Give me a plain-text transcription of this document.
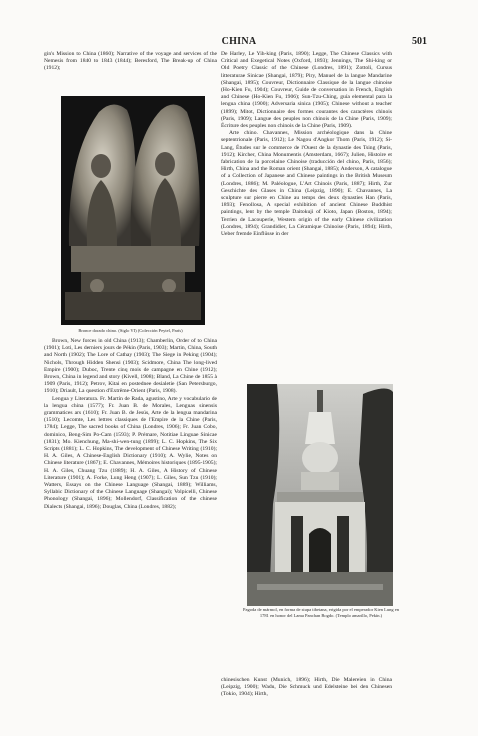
CHINA	501

gin's Mission to China (1860); Narrative of the voyage and services of the Nemesis from 1840 to 1843 (1844); Beresford, The Break-up of China (1912);

Bronce dorado chino. (Siglo VI) (Colección Peytel, París)

Brown, New forces in old China (1913); Chamberlin, Order of to China (1901); Loti, Les derniers jours de Pékin (Paris, 1903); Martin, China, South and North (1902); The Lore of Cathay (1903); The Siege in Peking (1904); Nichols, Through Hidden Shensi (1903); Scidmore, China The long-lived Empire (1900); Duboc, Trente cinq mois de campagne en Chine (1912); Brown, China in legend and story (Kivell, 1908); Bland, La Chine de 1855 à 1909 (Paris, 1912); Petrov, Kitai en postednee desialetie (San Petersburgo, 1910); Driault, La question d'Extrême-Orient (Paris, 1908).

Lengua y Literatura. Fr. Martín de Rada, agustino, Arte y vocabulario de la lengua china (1577); Fr. Juan B. de Morales, Lenguas sinensis grammatices ars (1610); Fr. Juan B. de Jesús, Arte de la lengua mandarina (1510); Lecomte, Les lettres classiques de l'Empire de la Chine (Paris, 1784); Legge, The sacred books of China (Londres, 1906); Fr. Juan Cobo, dominico, Beng-Sim Po-Cam (1593); P. Prémare, Notitiae Linguae Sinicae (1831); Mo. Kienchung, Ma-shi-wen-tung (1899); L. C. Hopkins, The Six Scripts (1881); L. C. Hopkins, The development of Chinese Writing (1910); H. A. Giles, A Chinese-English Dictionary (1910); A. Wylie, Notes on Chinese literature (1867); E. Chavannes, Mémoires historiques (1895-1905); H. A. Giles, Chuang Tzu (1889); H. A. Giles, A History of Chinese Literature (1901); A. Forke, Lung Heng (1907); L. Giles, Sun Tzu (1910); Watters, Essays on the Chinese Language (Shangai, 1889); Williams, Syllabic Dictionary of the Chinese Language (Shangai); Volpicelli, Chinese Phonology (Shangai, 1896); Mollendorf, Classification of the chinese Dialects (Shangai, 1896); Douglas, China (Londres, 1882);

De Harley, Le Yih-king (Paris, 1890); Legge, The Chinese Classics with Critical and Exegetical Notes (Oxford, 1893); Jennings, The Shi-king or Old Poetry Classic of the Chinese (Londres, 1891); Zottoli, Cursus litteraturae Sinicae (Shangai, 1879); Piry, Manuel de la langue Mandarine (Shangai, 1895); Couvreur, Dictionnaire Classique de la langue chinoise (Ho-Kien Fu, 1904); Couvreur, Guide de conversation in French, English and Chinese (Ho-Kien Fu, 1906); Sun-Tzu-Ching, guía elemental para la lengua china (1900); Adversaria sinica (1905); Chinese without a teacher (1899); Mitot, Dictionnaire des formes courantes des caractères chinois (Paris, 1909); Langue des peuples non chinois de la Chine (Paris, 1909); Écriture des peuples non chinois de la Chine (Paris, 1909).

Arte chino. Chavannes, Mission archéologique dans la Chine septentrionale (Paris, 1912); Le Nagou d'Angkor Thom (Paris, 1912); Si-Lang, Études sur le commerce de l'Ouest de la dynastie des Tsing (Paris, 1912); Kircher, China Monumentis (Amsterdam, 1667); Julien, Histoire et fabrication de la porcelaine Chinoise (traducción del chino, París, 1856); Hirth, China and the Roman orient (Shangai, 1885); Anderson, A catalogue of a Collection of Japanese and Chinese paintings in the British Museum (Londres, 1886); M. Paléologue, L'Art Chinois (París, 1887); Hirth, Zur Geschichte des Glases in China (Leipzig, 1890); E. Chavannes, La sculpture sur pierre en Chine au temps des deux dynasties Han (París, 1893); Fenollosa, A special exhibition of ancient Chinese Buddhist paintings, lent by the temple Daitokuji of Kioto, Japan (Boston, 1894); Terrien de Lacouperie, Western origin of the early Chinese civilization (Londres, 1894); Grandidier, La Céramique Chinoise (Paris, 1894); Hirth, Ueber fremde Einflüsse in der

Pagoda de mármol, en forma de stupa tibetana, erigida por el emperador Kien Lung en 1781 en honor del Lama Panchan Bogdo. (Templo amarillo, Pekín.)

chinesischen Kunst (Munich, 1896); Hirth, Die Malereien in China (Leipzig, 1900); Wadu, Die Schmuck und Edelsteine bei den Chinesen (Tokio, 1904); Hirth,
